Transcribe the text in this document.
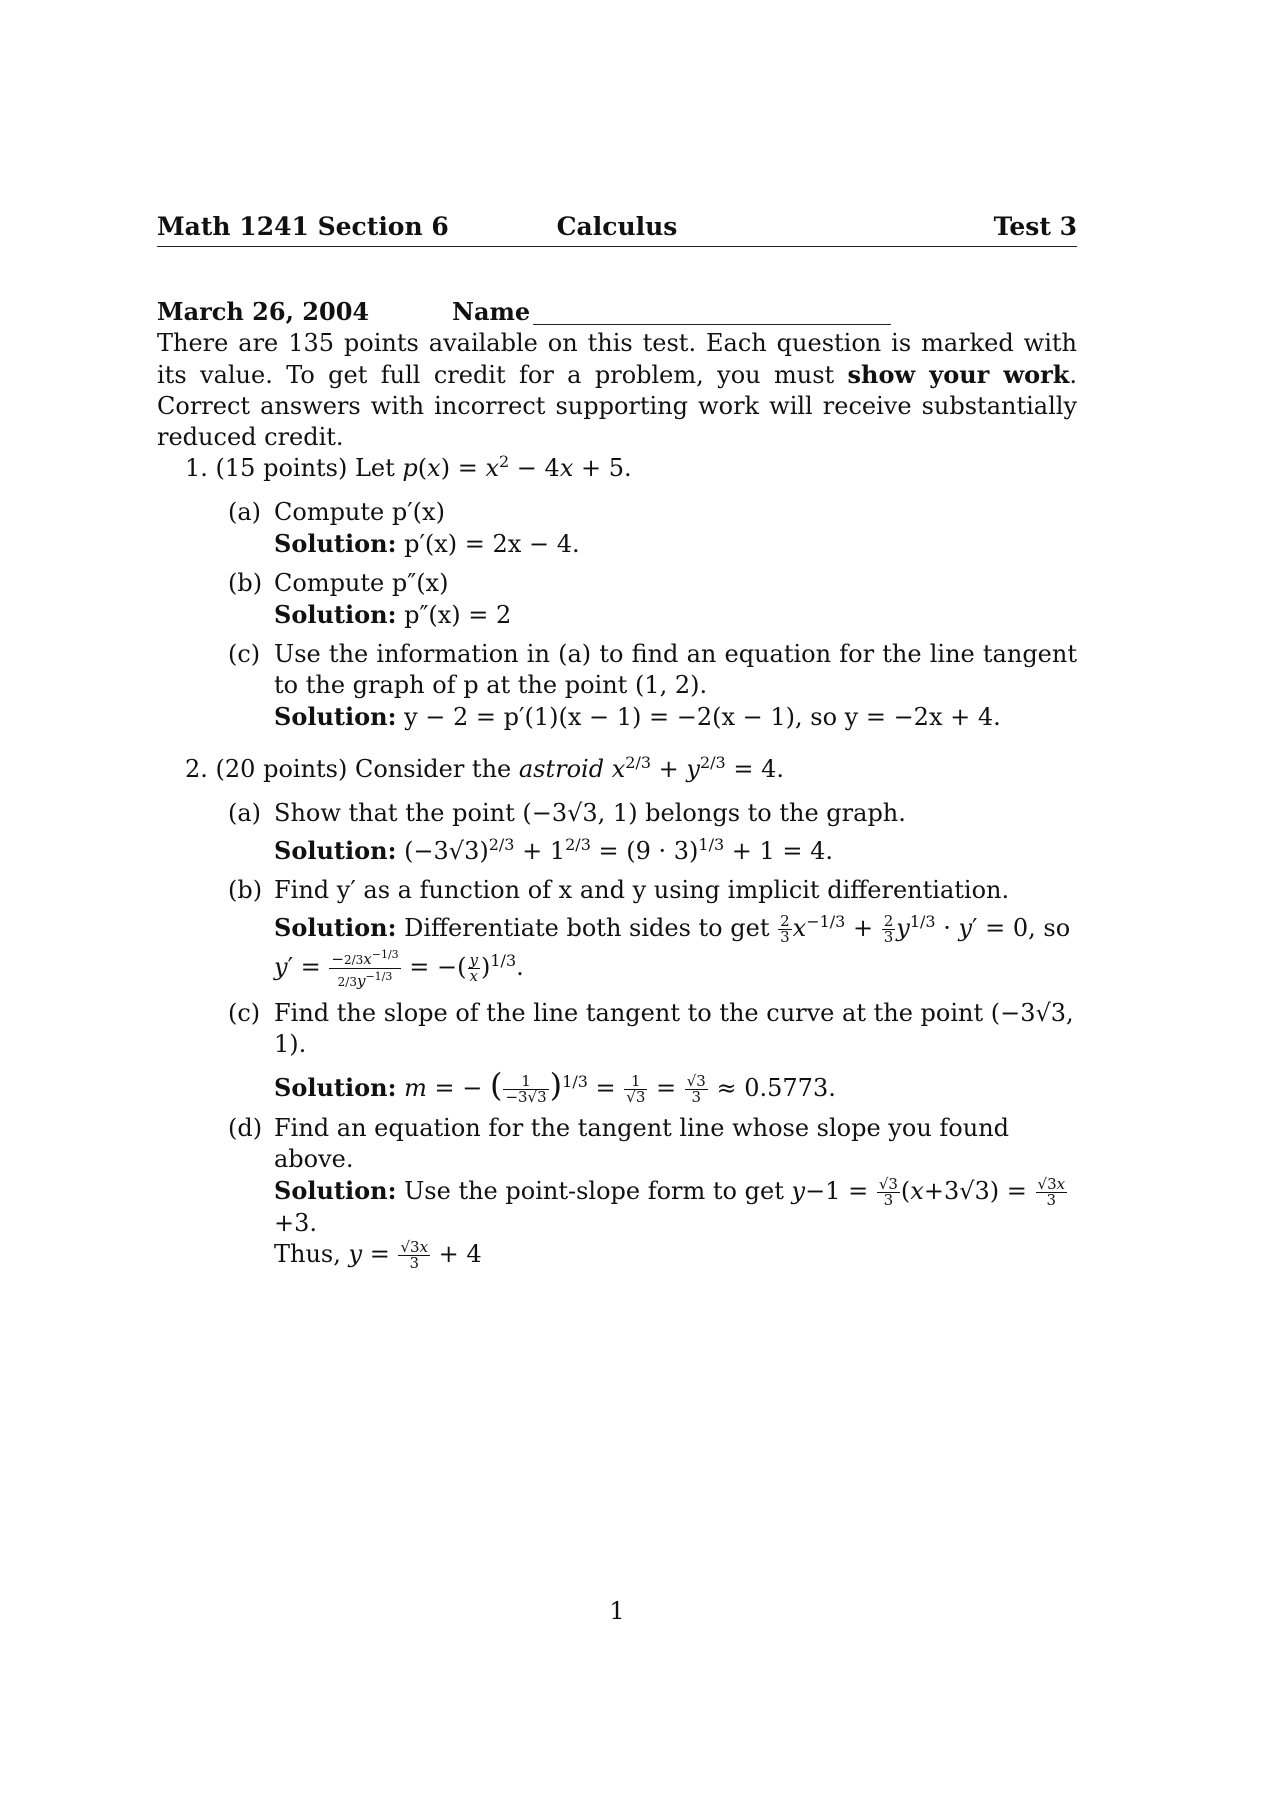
Math 1241 Section 6	Calculus	Test 3
March 26, 2004	Name

There are 135 points available on this test. Each question is marked with its value. To get full credit for a problem, you must show your work. Correct answers with incorrect supporting work will receive substantially reduced credit.

1. (15 points) Let $p(x) = x^2 - 4x + 5$.
(a) Compute p′(x)
Solution: p′(x) = 2x − 4.
(b) Compute p″(x)
Solution: p″(x) = 2
(c) Use the information in (a) to find an equation for the line tangent to the graph of p at the point (1, 2).
Solution: y − 2 = p′(1)(x − 1) = −2(x − 1), so y = −2x + 4.
2. (20 points) Consider the astroid $x^{2/3} + y^{2/3} = 4$.
(a) Show that the point (−3√3, 1) belongs to the graph.
Solution: $(-3√3)^{2/3} + 1^{2/3} = (9 \cdot 3)^{1/3} + 1 = 4$.
(b) Find y′ as a function of x and y using implicit differentiation.
Solution: Differentiate both sides to get $\frac{2}{3} x^{-1/3} + \frac{2}{3} y^{1/3} \cdot y' = 0$, so
$y' = \frac{-2/3x^{-1/3}}{2/3y^{-1/3}}$ = −( $\frac{y}{x} )^{1/3}$.
(c) Find the slope of the line tangent to the curve at the point (−3√3, 1).
Solution: m = − ( $\frac{1}{-3√3} )^{1/3} = \frac{1}{√3} = \frac{√3}{3} \approx 0.5773$.
(d) Find an equation for the tangent line whose slope you found above.
Solution: Use the point-slope form to get $y-1 = \frac{√3}{3} (x+3√3) = \frac{√3x}{3}$
+3.
Thus, $y = \frac{√3x}{3} + 4$
1
